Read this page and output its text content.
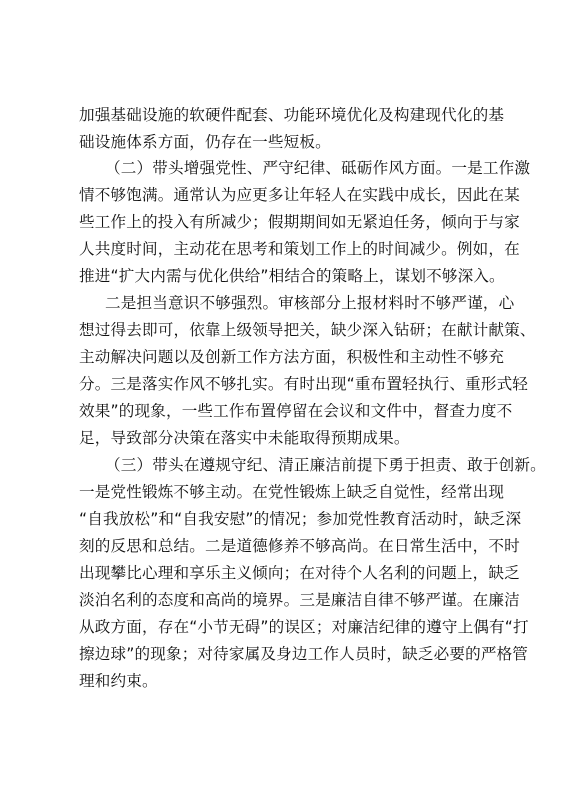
加强基础设施的软硬件配套、功能环境优化及构建现代化的基
础设施体系方面，仍存在一些短板。
（二）带头增强党性、严守纪律、砥砺作风方面。一是工作激
情不够饱满。通常认为应更多让年轻人在实践中成长，因此在某
些工作上的投入有所减少；假期期间如无紧迫任务，倾向于与家
人共度时间，主动花在思考和策划工作上的时间减少。例如，在
推进“扩大内需与优化供给”相结合的策略上，谋划不够深入。
二是担当意识不够强烈。审核部分上报材料时不够严谨，心
想过得去即可，依靠上级领导把关，缺少深入钻研；在献计献策、
主动解决问题以及创新工作方法方面，积极性和主动性不够充
分。三是落实作风不够扎实。有时出现“重布置轻执行、重形式轻
效果”的现象，一些工作布置停留在会议和文件中，督查力度不
足，导致部分决策在落实中未能取得预期成果。
（三）带头在遵规守纪、清正廉洁前提下勇于担责、敢于创新。
一是党性锻炼不够主动。在党性锻炼上缺乏自觉性，经常出现
“自我放松”和“自我安慰”的情况；参加党性教育活动时，缺乏深
刻的反思和总结。二是道德修养不够高尚。在日常生活中，不时
出现攀比心理和享乐主义倾向；在对待个人名利的问题上，缺乏
淡泊名利的态度和高尚的境界。三是廉洁自律不够严谨。在廉洁
从政方面，存在“小节无碍”的误区；对廉洁纪律的遵守上偶有“打
擦边球”的现象；对待家属及身边工作人员时，缺乏必要的严格管
理和约束。
